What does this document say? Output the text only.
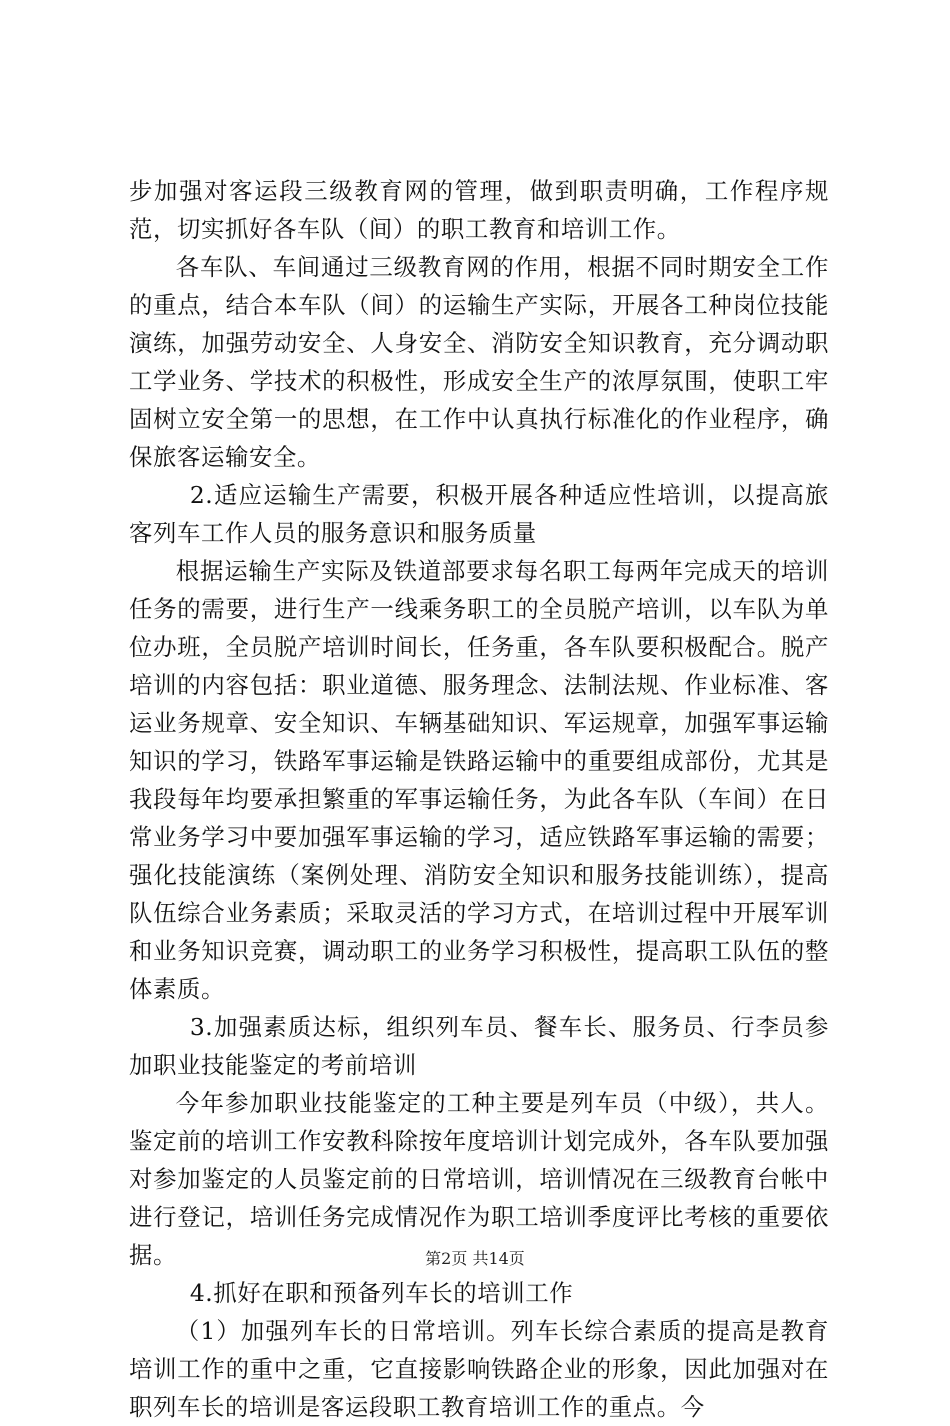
步加强对客运段三级教育网的管理，做到职责明确，工作程序规范，切实抓好各车队（间）的职工教育和培训工作。

各车队、车间通过三级教育网的作用，根据不同时期安全工作的重点，结合本车队（间）的运输生产实际，开展各工种岗位技能演练，加强劳动安全、人身安全、消防安全知识教育，充分调动职工学业务、学技术的积极性，形成安全生产的浓厚氛围，使职工牢固树立安全第一的思想，在工作中认真执行标准化的作业程序，确保旅客运输安全。

2.适应运输生产需要，积极开展各种适应性培训，以提高旅客列车工作人员的服务意识和服务质量

根据运输生产实际及铁道部要求每名职工每两年完成天的培训任务的需要，进行生产一线乘务职工的全员脱产培训，以车队为单位办班，全员脱产培训时间长，任务重，各车队要积极配合。脱产培训的内容包括：职业道德、服务理念、法制法规、作业标准、客运业务规章、安全知识、车辆基础知识、军运规章，加强军事运输知识的学习，铁路军事运输是铁路运输中的重要组成部份，尤其是我段每年均要承担繁重的军事运输任务，为此各车队（车间）在日常业务学习中要加强军事运输的学习，适应铁路军事运输的需要；强化技能演练（案例处理、消防安全知识和服务技能训练），提高队伍综合业务素质；采取灵活的学习方式，在培训过程中开展军训和业务知识竞赛，调动职工的业务学习积极性，提高职工队伍的整体素质。

3.加强素质达标，组织列车员、餐车长、服务员、行李员参加职业技能鉴定的考前培训

今年参加职业技能鉴定的工种主要是列车员（中级），共人。鉴定前的培训工作安教科除按年度培训计划完成外，各车队要加强对参加鉴定的人员鉴定前的日常培训，培训情况在三级教育台帐中进行登记，培训任务完成情况作为职工培训季度评比考核的重要依据。

4.抓好在职和预备列车长的培训工作

（1）加强列车长的日常培训。列车长综合素质的提高是教育培训工作的重中之重，它直接影响铁路企业的形象，因此加强对在职列车长的培训是客运段职工教育培训工作的重点。今

第2页 共14页
